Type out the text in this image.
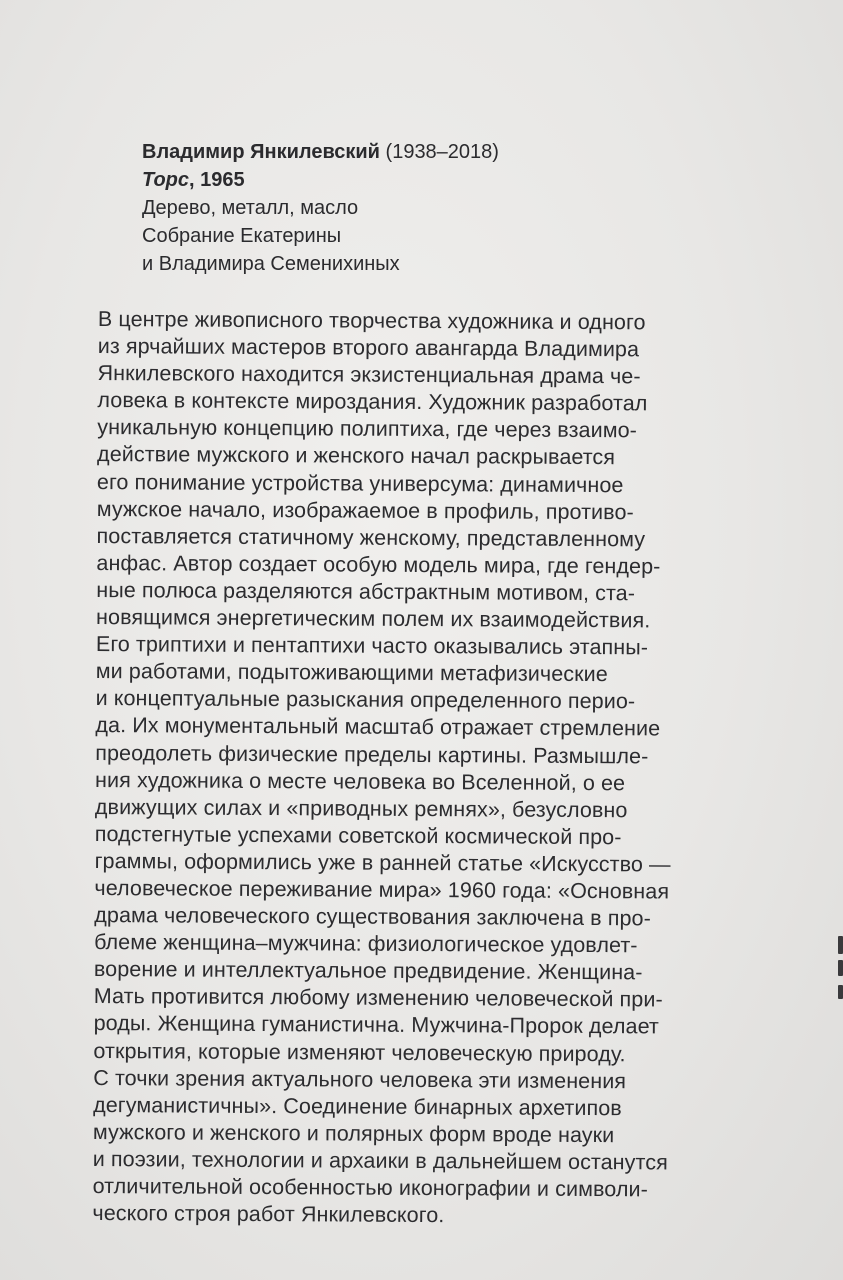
Владимир Янкилевский (1938–2018)
Торс, 1965
Дерево, металл, масло
Собрание Екатерины
и Владимира Семенихиных
В центре живописного творчества художника и одного
из ярчайших мастеров второго авангарда Владимира
Янкилевского находится экзистенциальная драма че-
ловека в контексте мироздания. Художник разработал
уникальную концепцию полиптиха, где через взаимо-
действие мужского и женского начал раскрывается
его понимание устройства универсума: динамичное
мужское начало, изображаемое в профиль, противо-
поставляется статичному женскому, представленному
анфас. Автор создает особую модель мира, где гендер-
ные полюса разделяются абстрактным мотивом, ста-
новящимся энергетическим полем их взаимодействия.
Его триптихи и пентаптихи часто оказывались этапны-
ми работами, подытоживающими метафизические
и концептуальные разыскания определенного перио-
да. Их монументальный масштаб отражает стремление
преодолеть физические пределы картины. Размышле-
ния художника о месте человека во Вселенной, о ее
движущих силах и «приводных ремнях», безусловно
подстегнутые успехами советской космической про-
граммы, оформились уже в ранней статье «Искусство —
человеческое переживание мира» 1960 года: «Основная
драма человеческого существования заключена в про-
блеме женщина–мужчина: физиологическое удовлет-
ворение и интеллектуальное предвидение. Женщина-
Мать противится любому изменению человеческой при-
роды. Женщина гуманистична. Мужчина-Пророк делает
открытия, которые изменяют человеческую природу.
С точки зрения актуального человека эти изменения
дегуманистичны». Соединение бинарных архетипов
мужского и женского и полярных форм вроде науки
и поэзии, технологии и архаики в дальнейшем останутся
отличительной особенностью иконографии и символи-
ческого строя работ Янкилевского.
